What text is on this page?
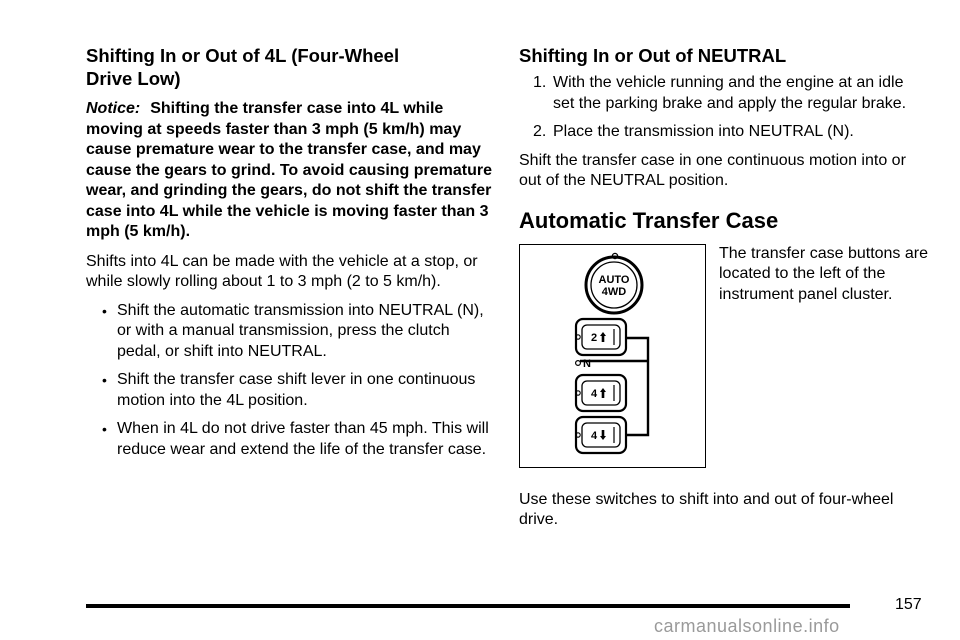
Shifting In or Out of 4L (Four-Wheel
Drive Low)

Notice: Shifting the transfer case into 4L while moving at speeds faster than 3 mph (5 km/h) may cause premature wear to the transfer case, and may cause the gears to grind. To avoid causing premature wear, and grinding the gears, do not shift the transfer case into 4L while the vehicle is moving faster than 3 mph (5 km/h).

Shifts into 4L can be made with the vehicle at a stop, or while slowly rolling about 1 to 3 mph (2 to 5 km/h).

• Shift the automatic transmission into NEUTRAL (N), or with a manual transmission, press the clutch pedal, or shift into NEUTRAL.
• Shift the transfer case shift lever in one continuous motion into the 4L position.
• When in 4L do not drive faster than 45 mph. This will reduce wear and extend the life of the transfer case.
Shifting In or Out of NEUTRAL
1. With the vehicle running and the engine at an idle set the parking brake and apply the regular brake.
2. Place the transmission into NEUTRAL (N).

Shift the transfer case in one continuous motion into or out of the NEUTRAL position.

Automatic Transfer Case
AUTO
4WD
N
2
4
4

The transfer case buttons are located to the left of the instrument panel cluster.

Use these switches to shift into and out of four-wheel drive.

157
carmanualsonline.info
